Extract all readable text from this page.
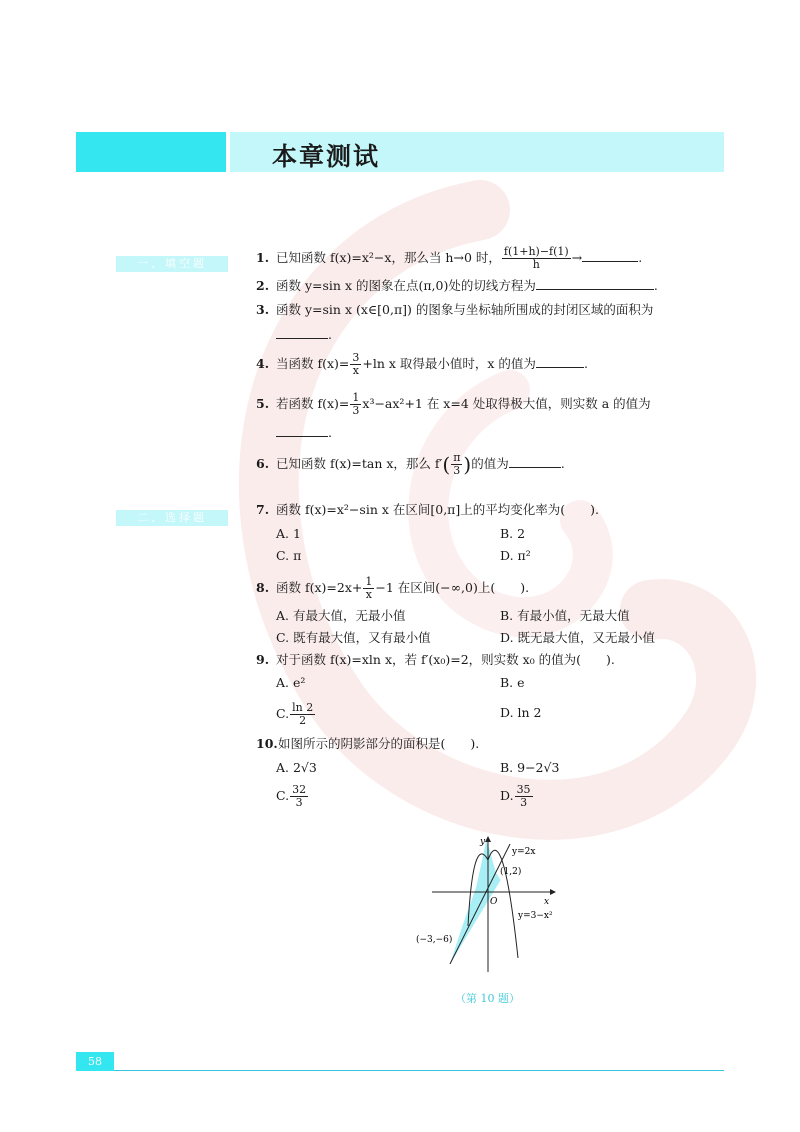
本章测试
一、填空题	1. 已知函数 f(x)=x²−x，那么当 h→0 时， $\frac{f(1+h)-f(1)}{h}$ →	.
2. 函数 y=sin x 的图象在点(π,0)处的切线方程为	.
3. 函数 y=sin x (x∈[0,π]) 的图象与坐标轴所围成的封闭区域的面积为
.
4. 当函数 $f(x)= \frac{3}{x} +\ln$ x 取得最小值时，x 的值为	.
5. 若函数 $f(x)= \frac{1}{3} x^3-ax^2+1$ 在 x=4 处取得极大值，则实数 a 的值为
.
6. 已知函数 f(x)=tan x，那么 $f'( \frac{\pi}{3}$ )的值为	.
二、选择题
7. 函数 f(x)=x²−sin x 在区间[0,π]上的平均变化率为(　　).
A. 1	B. 2
C. π	D. π²
8. 函数 $f(x)=2x+ \frac{1}{x} -1$ 在区间(−∞,0)上(　　).
A. 有最大值，无最小值	B. 有最小值，无最大值
C. 既有最大值，又有最小值	D. 既无最大值，又无最小值
9. 对于函数 f(x)=xln x，若 f′(x₀)=2，则实数 x₀ 的值为(　　).
A. e²	B. e
C. $\frac{\ln 2}{2}$	D. ln 2
10.如图所示的阴影部分的面积是(　　).
A. 2√3	B. 9−2√3
C. $\frac{32}{3}$	D. $\frac{35}{3}$
y
x
O
y=2x
(1,2)
y=3−x²
(−3,−6)
（第 10 题）
58
